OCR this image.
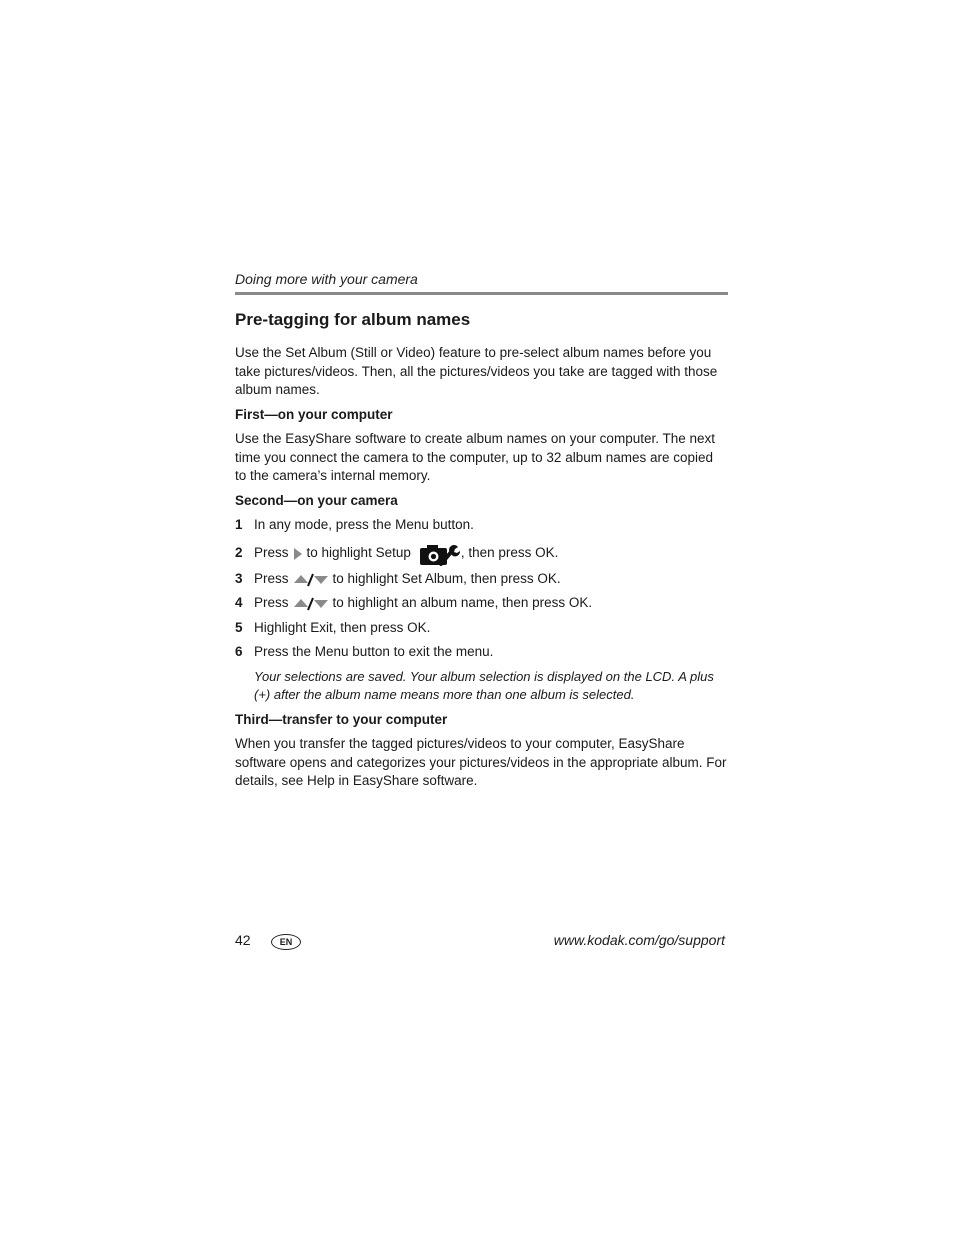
Doing more with your camera
Pre-tagging for album names

Use the Set Album (Still or Video) feature to pre-select album names before you take pictures/videos. Then, all the pictures/videos you take are tagged with those album names.

First—on your computer

Use the EasyShare software to create album names on your computer. The next time you connect the camera to the computer, up to 32 album names are copied to the camera’s internal memory.

Second—on your camera
1 In any mode, press the Menu button.
2 Press to highlight Setup	, then press OK.
3 Press	to highlight Set Album, then press OK.
4 Press	to highlight an album name, then press OK.
5 Highlight Exit, then press OK.
6 Press the Menu button to exit the menu.

Your selections are saved. Your album selection is displayed on the LCD. A plus (+) after the album name means more than one album is selected.

Third—transfer to your computer

When you transfer the tagged pictures/videos to your computer, EasyShare software opens and categorizes your pictures/videos in the appropriate album. For details, see Help in EasyShare software.

42	EN	www.kodak.com/go/support
